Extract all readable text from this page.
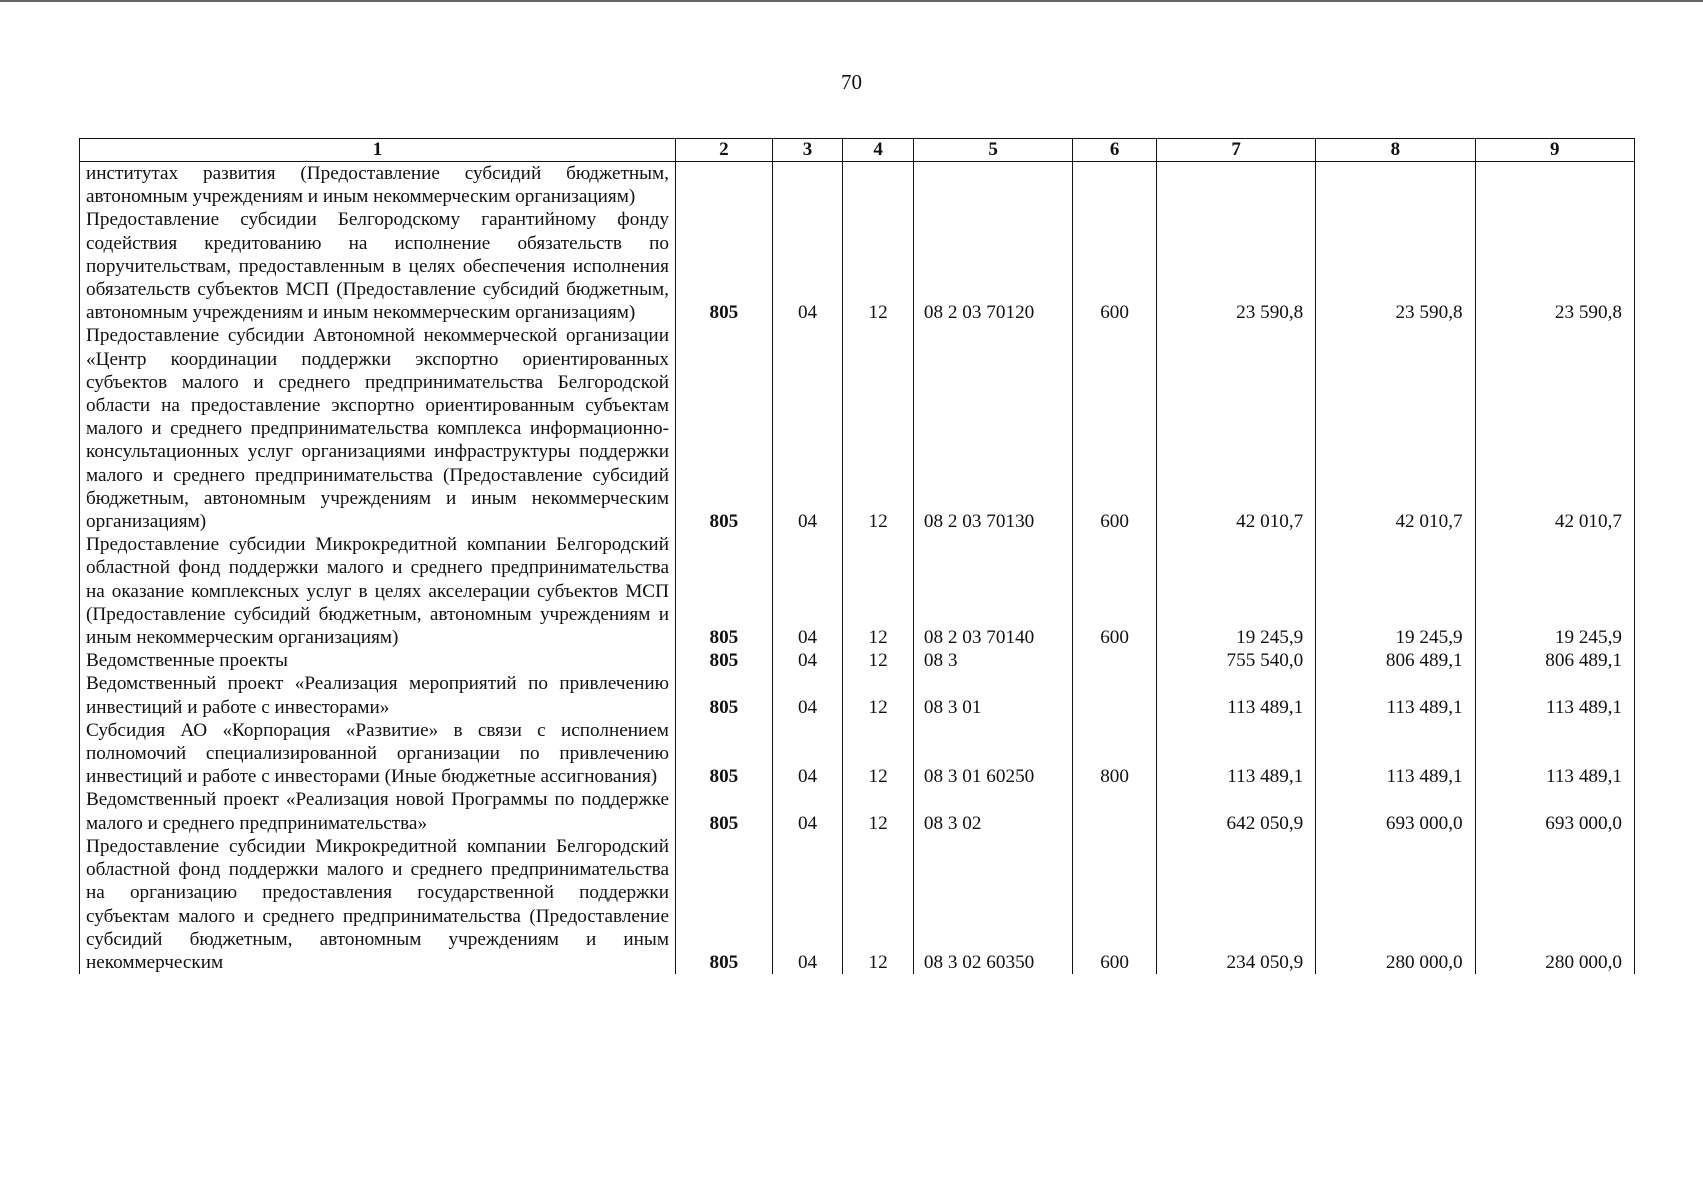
70
1	2	3	4	5	6	7	8	9
институтах развития (Предоставление субсидий бюджетным, автономным учреждениям и иным некоммерческим организациям)								
Предоставление субсидии Белгородскому гарантийному фонду содействия кредитованию на исполнение обязательств по поручительствам, предоставленным в целях обеспечения исполнения обязательств субъектов МСП (Предоставление субсидий бюджетным, автономным учреждениям и иным некоммерческим организациям)	805	04	12	08 2 03 70120	600	23 590,8	23 590,8	23 590,8
Предоставление субсидии Автономной некоммерческой организации «Центр координации поддержки экспортно ориентированных субъектов малого и среднего предпринимательства Белгородской области на предоставление экспортно ориентированным субъектам малого и среднего предпринимательства комплекса информационно-консультационных услуг организациями инфраструктуры поддержки малого и среднего предпринимательства (Предоставление субсидий бюджетным, автономным учреждениям и иным некоммерческим организациям)	805	04	12	08 2 03 70130	600	42 010,7	42 010,7	42 010,7
Предоставление субсидии Микрокредитной компании Белгородский областной фонд поддержки малого и среднего предпринимательства на оказание комплексных услуг в целях акселерации субъектов МСП (Предоставление субсидий бюджетным, автономным учреждениям и иным некоммерческим организациям)	805	04	12	08 2 03 70140	600	19 245,9	19 245,9	19 245,9
Ведомственные проекты	805	04	12	08 3		755 540,0	806 489,1	806 489,1
Ведомственный проект «Реализация мероприятий по привлечению инвестиций и работе с инвесторами»	805	04	12	08 3 01		113 489,1	113 489,1	113 489,1
Субсидия АО «Корпорация «Развитие» в связи с исполнением полномочий специализированной организации по привлечению инвестиций и работе с инвесторами (Иные бюджетные ассигнования)	805	04	12	08 3 01 60250	800	113 489,1	113 489,1	113 489,1
Ведомственный проект «Реализация новой Программы по поддержке малого и среднего предпринимательства»	805	04	12	08 3 02		642 050,9	693 000,0	693 000,0
Предоставление субсидии Микрокредитной компании Белгородский областной фонд поддержки малого и среднего предпринимательства на организацию предоставления государственной поддержки субъектам малого и среднего предпринимательства (Предоставление субсидий бюджетным, автономным учреждениям и иным некоммерческим	805	04	12	08 3 02 60350	600	234 050,9	280 000,0	280 000,0
